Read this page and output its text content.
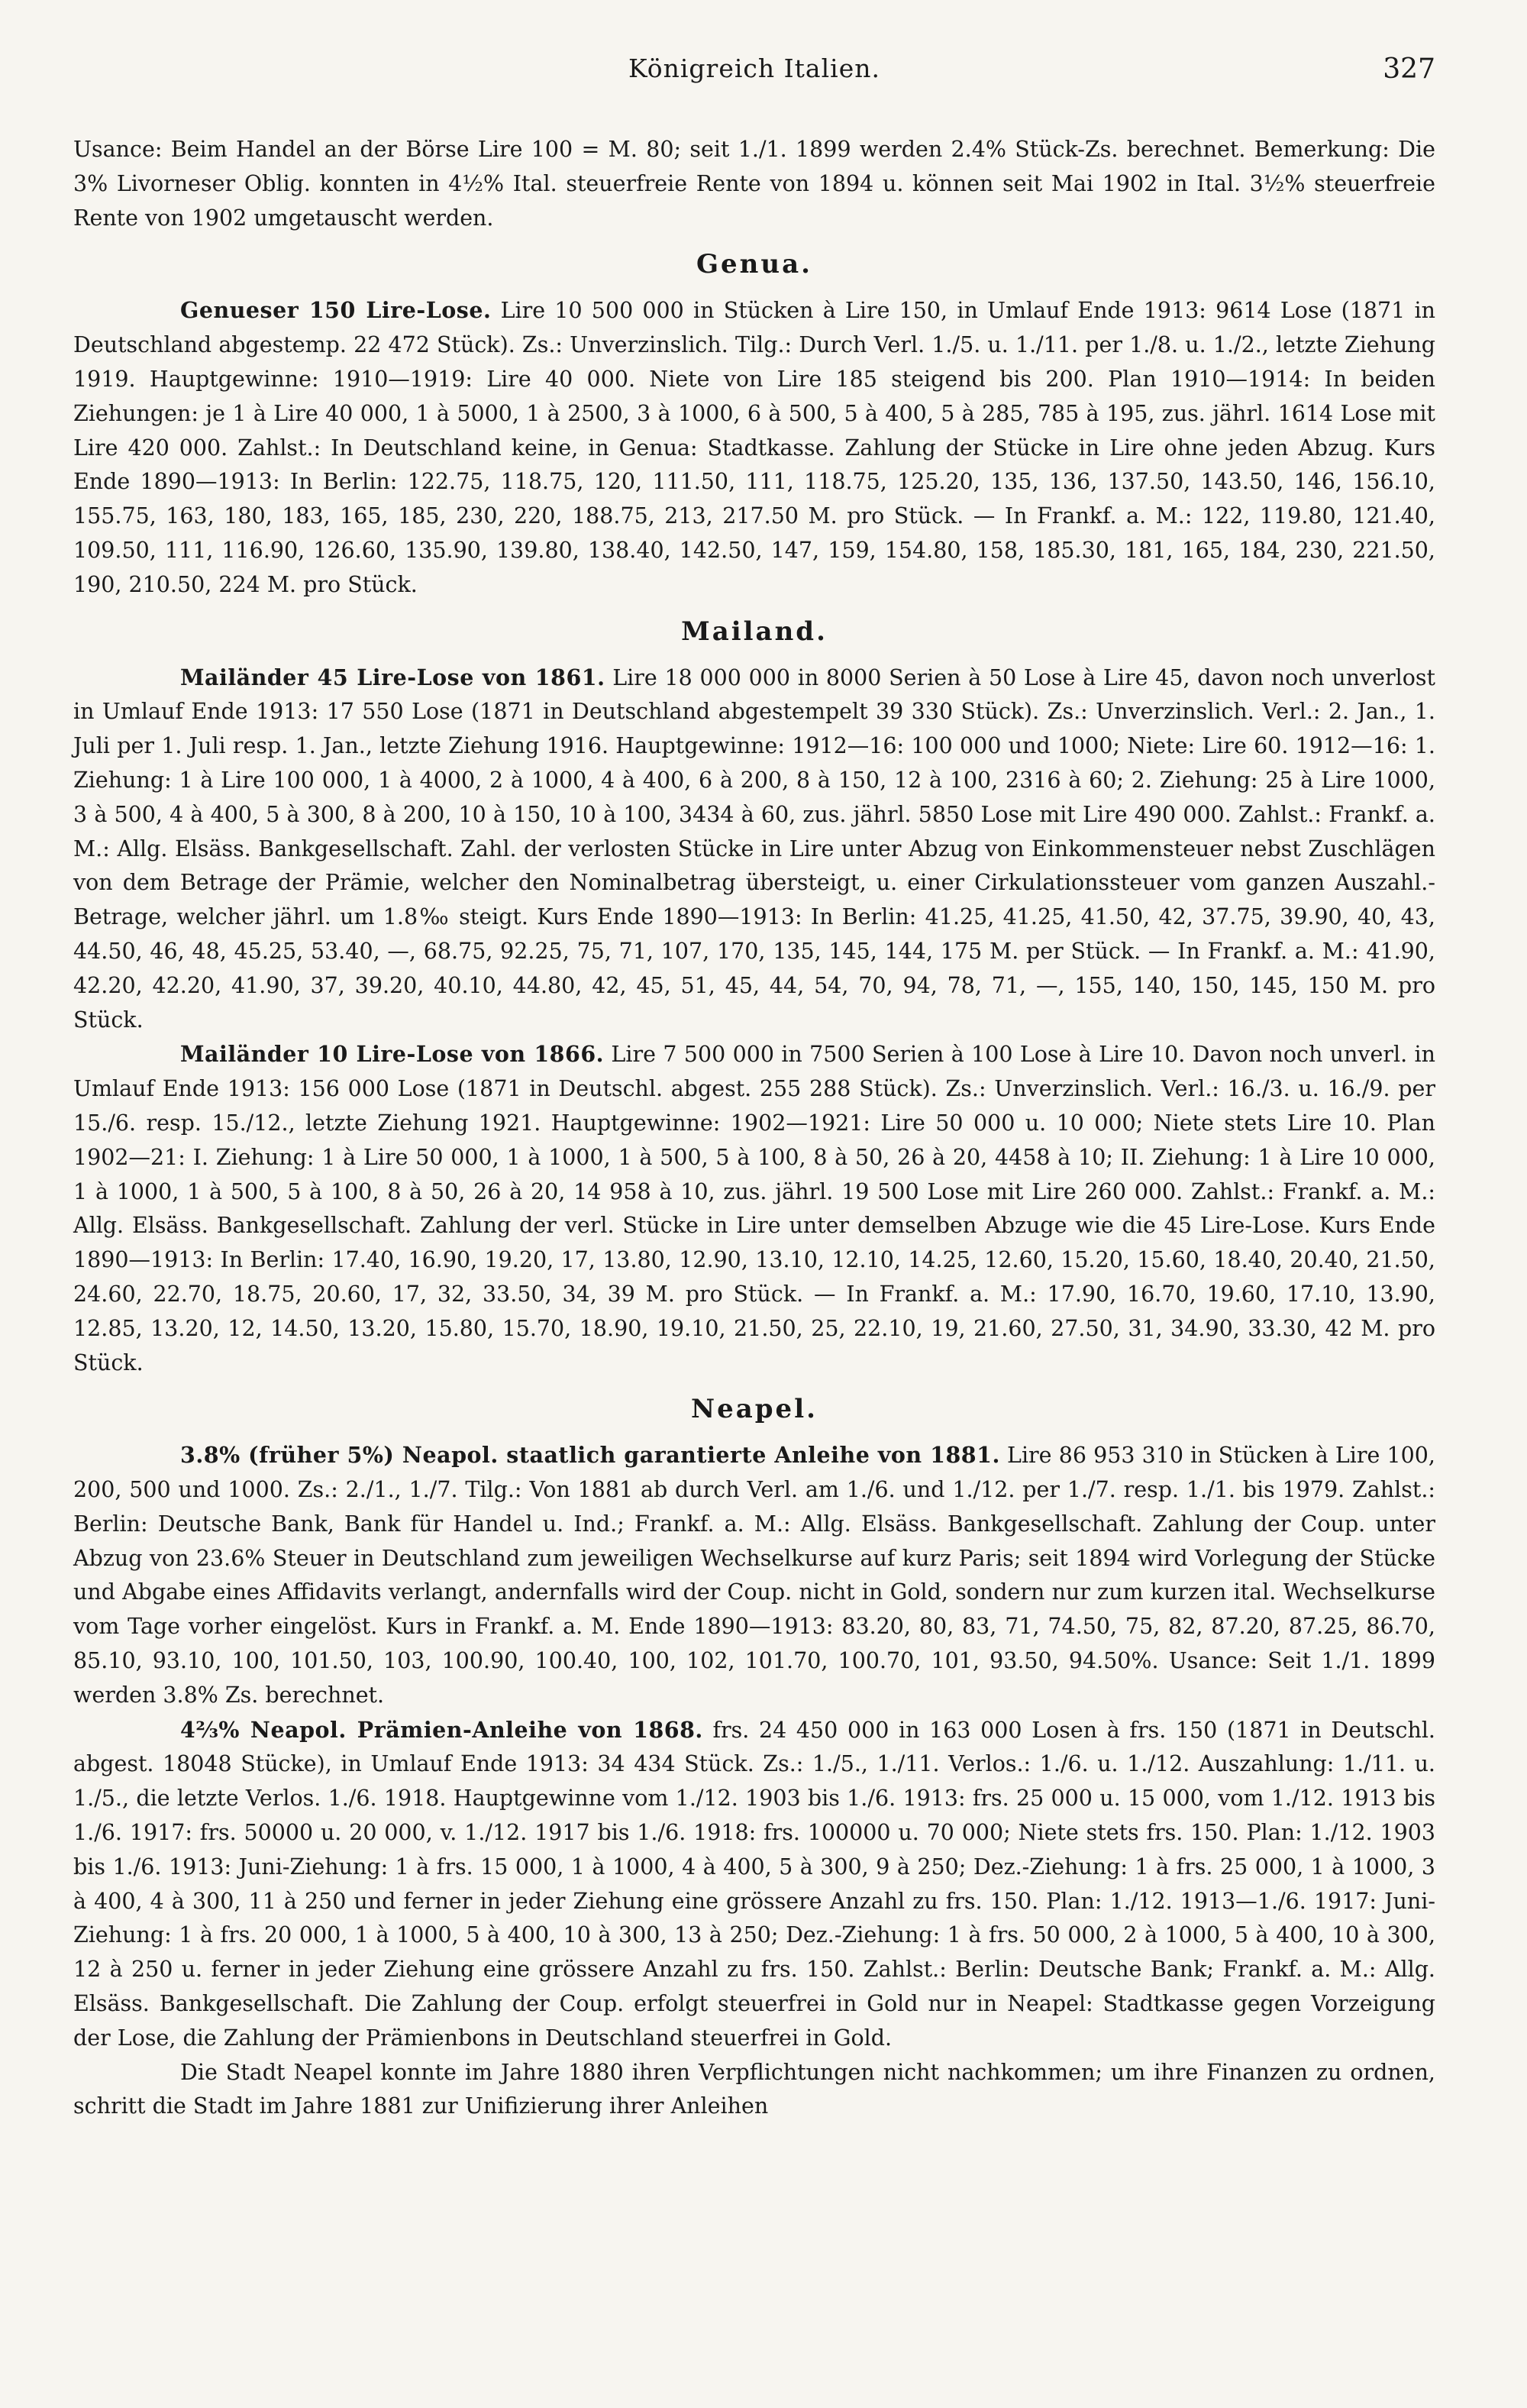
Königreich Italien.	327

Usance: Beim Handel an der Börse Lire 100 = M. 80; seit 1./1. 1899 werden 2.4% Stück-Zs. berechnet. Bemerkung: Die 3% Livorneser Oblig. konnten in 4½% Ital. steuerfreie Rente von 1894 u. können seit Mai 1902 in Ital. 3½% steuerfreie Rente von 1902 umgetauscht werden.

Genua.

Genueser 150 Lire-Lose. Lire 10 500 000 in Stücken à Lire 150, in Umlauf Ende 1913: 9614 Lose (1871 in Deutschland abgestemp. 22 472 Stück). Zs.: Unverzinslich. Tilg.: Durch Verl. 1./5. u. 1./11. per 1./8. u. 1./2., letzte Ziehung 1919. Hauptgewinne: 1910—1919: Lire 40 000. Niete von Lire 185 steigend bis 200. Plan 1910—1914: In beiden Ziehungen: je 1 à Lire 40 000, 1 à 5000, 1 à 2500, 3 à 1000, 6 à 500, 5 à 400, 5 à 285, 785 à 195, zus. jährl. 1614 Lose mit Lire 420 000. Zahlst.: In Deutschland keine, in Genua: Stadtkasse. Zahlung der Stücke in Lire ohne jeden Abzug. Kurs Ende 1890—1913: In Berlin: 122.75, 118.75, 120, 111.50, 111, 118.75, 125.20, 135, 136, 137.50, 143.50, 146, 156.10, 155.75, 163, 180, 183, 165, 185, 230, 220, 188.75, 213, 217.50 M. pro Stück. — In Frankf. a. M.: 122, 119.80, 121.40, 109.50, 111, 116.90, 126.60, 135.90, 139.80, 138.40, 142.50, 147, 159, 154.80, 158, 185.30, 181, 165, 184, 230, 221.50, 190, 210.50, 224 M. pro Stück.

Mailand.

Mailänder 45 Lire-Lose von 1861. Lire 18 000 000 in 8000 Serien à 50 Lose à Lire 45, davon noch unverlost in Umlauf Ende 1913: 17 550 Lose (1871 in Deutschland abgestempelt 39 330 Stück). Zs.: Unverzinslich. Verl.: 2. Jan., 1. Juli per 1. Juli resp. 1. Jan., letzte Ziehung 1916. Hauptgewinne: 1912—16: 100 000 und 1000; Niete: Lire 60. 1912—16: 1. Ziehung: 1 à Lire 100 000, 1 à 4000, 2 à 1000, 4 à 400, 6 à 200, 8 à 150, 12 à 100, 2316 à 60; 2. Ziehung: 25 à Lire 1000, 3 à 500, 4 à 400, 5 à 300, 8 à 200, 10 à 150, 10 à 100, 3434 à 60, zus. jährl. 5850 Lose mit Lire 490 000. Zahlst.: Frankf. a. M.: Allg. Elsäss. Bankgesellschaft. Zahl. der verlosten Stücke in Lire unter Abzug von Einkommensteuer nebst Zuschlägen von dem Betrage der Prämie, welcher den Nominalbetrag übersteigt, u. einer Cirkulationssteuer vom ganzen Auszahl.-Betrage, welcher jährl. um 1.8‰ steigt. Kurs Ende 1890—1913: In Berlin: 41.25, 41.25, 41.50, 42, 37.75, 39.90, 40, 43, 44.50, 46, 48, 45.25, 53.40, —, 68.75, 92.25, 75, 71, 107, 170, 135, 145, 144, 175 M. per Stück. — In Frankf. a. M.: 41.90, 42.20, 42.20, 41.90, 37, 39.20, 40.10, 44.80, 42, 45, 51, 45, 44, 54, 70, 94, 78, 71, —, 155, 140, 150, 145, 150 M. pro Stück.

Mailänder 10 Lire-Lose von 1866. Lire 7 500 000 in 7500 Serien à 100 Lose à Lire 10. Davon noch unverl. in Umlauf Ende 1913: 156 000 Lose (1871 in Deutschl. abgest. 255 288 Stück). Zs.: Unverzinslich. Verl.: 16./3. u. 16./9. per 15./6. resp. 15./12., letzte Ziehung 1921. Hauptgewinne: 1902—1921: Lire 50 000 u. 10 000; Niete stets Lire 10. Plan 1902—21: I. Ziehung: 1 à Lire 50 000, 1 à 1000, 1 à 500, 5 à 100, 8 à 50, 26 à 20, 4458 à 10; II. Ziehung: 1 à Lire 10 000, 1 à 1000, 1 à 500, 5 à 100, 8 à 50, 26 à 20, 14 958 à 10, zus. jährl. 19 500 Lose mit Lire 260 000. Zahlst.: Frankf. a. M.: Allg. Elsäss. Bankgesellschaft. Zahlung der verl. Stücke in Lire unter demselben Abzuge wie die 45 Lire-Lose. Kurs Ende 1890—1913: In Berlin: 17.40, 16.90, 19.20, 17, 13.80, 12.90, 13.10, 12.10, 14.25, 12.60, 15.20, 15.60, 18.40, 20.40, 21.50, 24.60, 22.70, 18.75, 20.60, 17, 32, 33.50, 34, 39 M. pro Stück. — In Frankf. a. M.: 17.90, 16.70, 19.60, 17.10, 13.90, 12.85, 13.20, 12, 14.50, 13.20, 15.80, 15.70, 18.90, 19.10, 21.50, 25, 22.10, 19, 21.60, 27.50, 31, 34.90, 33.30, 42 M. pro Stück.

Neapel.

3.8% (früher 5%) Neapol. staatlich garantierte Anleihe von 1881. Lire 86 953 310 in Stücken à Lire 100, 200, 500 und 1000. Zs.: 2./1., 1./7. Tilg.: Von 1881 ab durch Verl. am 1./6. und 1./12. per 1./7. resp. 1./1. bis 1979. Zahlst.: Berlin: Deutsche Bank, Bank für Handel u. Ind.; Frankf. a. M.: Allg. Elsäss. Bankgesellschaft. Zahlung der Coup. unter Abzug von 23.6% Steuer in Deutschland zum jeweiligen Wechselkurse auf kurz Paris; seit 1894 wird Vorlegung der Stücke und Abgabe eines Affidavits verlangt, andernfalls wird der Coup. nicht in Gold, sondern nur zum kurzen ital. Wechselkurse vom Tage vorher eingelöst. Kurs in Frankf. a. M. Ende 1890—1913: 83.20, 80, 83, 71, 74.50, 75, 82, 87.20, 87.25, 86.70, 85.10, 93.10, 100, 101.50, 103, 100.90, 100.40, 100, 102, 101.70, 100.70, 101, 93.50, 94.50%. Usance: Seit 1./1. 1899 werden 3.8% Zs. berechnet.

4⅔% Neapol. Prämien-Anleihe von 1868. frs. 24 450 000 in 163 000 Losen à frs. 150 (1871 in Deutschl. abgest. 18048 Stücke), in Umlauf Ende 1913: 34 434 Stück. Zs.: 1./5., 1./11. Verlos.: 1./6. u. 1./12. Auszahlung: 1./11. u. 1./5., die letzte Verlos. 1./6. 1918. Hauptgewinne vom 1./12. 1903 bis 1./6. 1913: frs. 25 000 u. 15 000, vom 1./12. 1913 bis 1./6. 1917: frs. 50000 u. 20 000, v. 1./12. 1917 bis 1./6. 1918: frs. 100000 u. 70 000; Niete stets frs. 150. Plan: 1./12. 1903 bis 1./6. 1913: Juni-Ziehung: 1 à frs. 15 000, 1 à 1000, 4 à 400, 5 à 300, 9 à 250; Dez.-Ziehung: 1 à frs. 25 000, 1 à 1000, 3 à 400, 4 à 300, 11 à 250 und ferner in jeder Ziehung eine grössere Anzahl zu frs. 150. Plan: 1./12. 1913—1./6. 1917: Juni-Ziehung: 1 à frs. 20 000, 1 à 1000, 5 à 400, 10 à 300, 13 à 250; Dez.-Ziehung: 1 à frs. 50 000, 2 à 1000, 5 à 400, 10 à 300, 12 à 250 u. ferner in jeder Ziehung eine grössere Anzahl zu frs. 150. Zahlst.: Berlin: Deutsche Bank; Frankf. a. M.: Allg. Elsäss. Bankgesellschaft. Die Zahlung der Coup. erfolgt steuerfrei in Gold nur in Neapel: Stadtkasse gegen Vorzeigung der Lose, die Zahlung der Prämienbons in Deutschland steuerfrei in Gold.

Die Stadt Neapel konnte im Jahre 1880 ihren Verpflichtungen nicht nachkommen; um ihre Finanzen zu ordnen, schritt die Stadt im Jahre 1881 zur Unifizierung ihrer Anleihen
